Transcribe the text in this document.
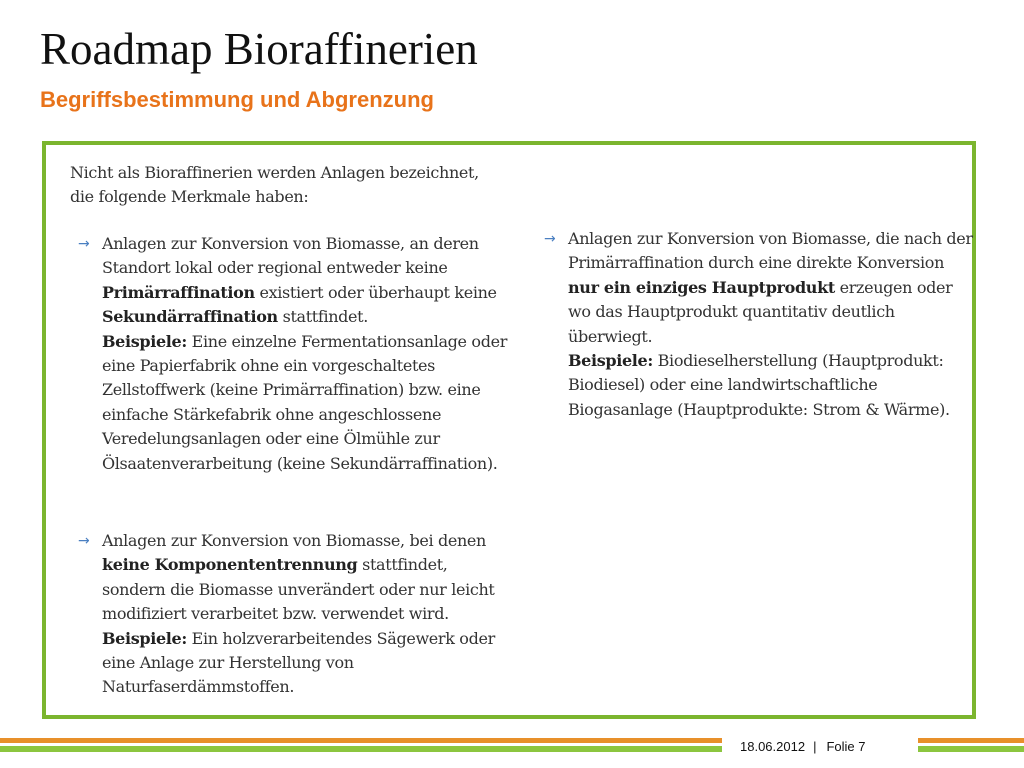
Roadmap Bioraffinerien
Begriffsbestimmung und Abgrenzung

Nicht als Bioraffinerien werden Anlagen bezeichnet,

die folgende Merkmale haben:

→ Anlagen zur Konversion von Biomasse, an deren Standort lokal oder regional entweder keine Primärraffination existiert oder überhaupt keine Sekundärraffination stattfindet.

Beispiele: Eine einzelne Fermentationsanlage oder eine Papierfabrik ohne ein vorgeschaltetes Zellstoffwerk (keine Primärraffination) bzw. eine einfache Stärkefabrik ohne angeschlossene Veredelungsanlagen oder eine Ölmühle zur Ölsaatenverarbeitung (keine Sekundärraffination).

→ Anlagen zur Konversion von Biomasse, bei denen keine Komponententrennung stattfindet, sondern die Biomasse unverändert oder nur leicht modifiziert verarbeitet bzw. verwendet wird.

Beispiele: Ein holzverarbeitendes Sägewerk oder eine Anlage zur Herstellung von Naturfaserdämmstoffen.

→ Anlagen zur Konversion von Biomasse, die nach der Primärraffination durch eine direkte Konversion nur ein einziges Hauptprodukt erzeugen oder wo das Hauptprodukt quantitativ deutlich überwiegt.

Beispiele: Biodieselherstellung (Hauptprodukt: Biodiesel) oder eine landwirtschaftliche Biogasanlage (Hauptprodukte: Strom & Wärme).

18.06.2012 | Folie 7
